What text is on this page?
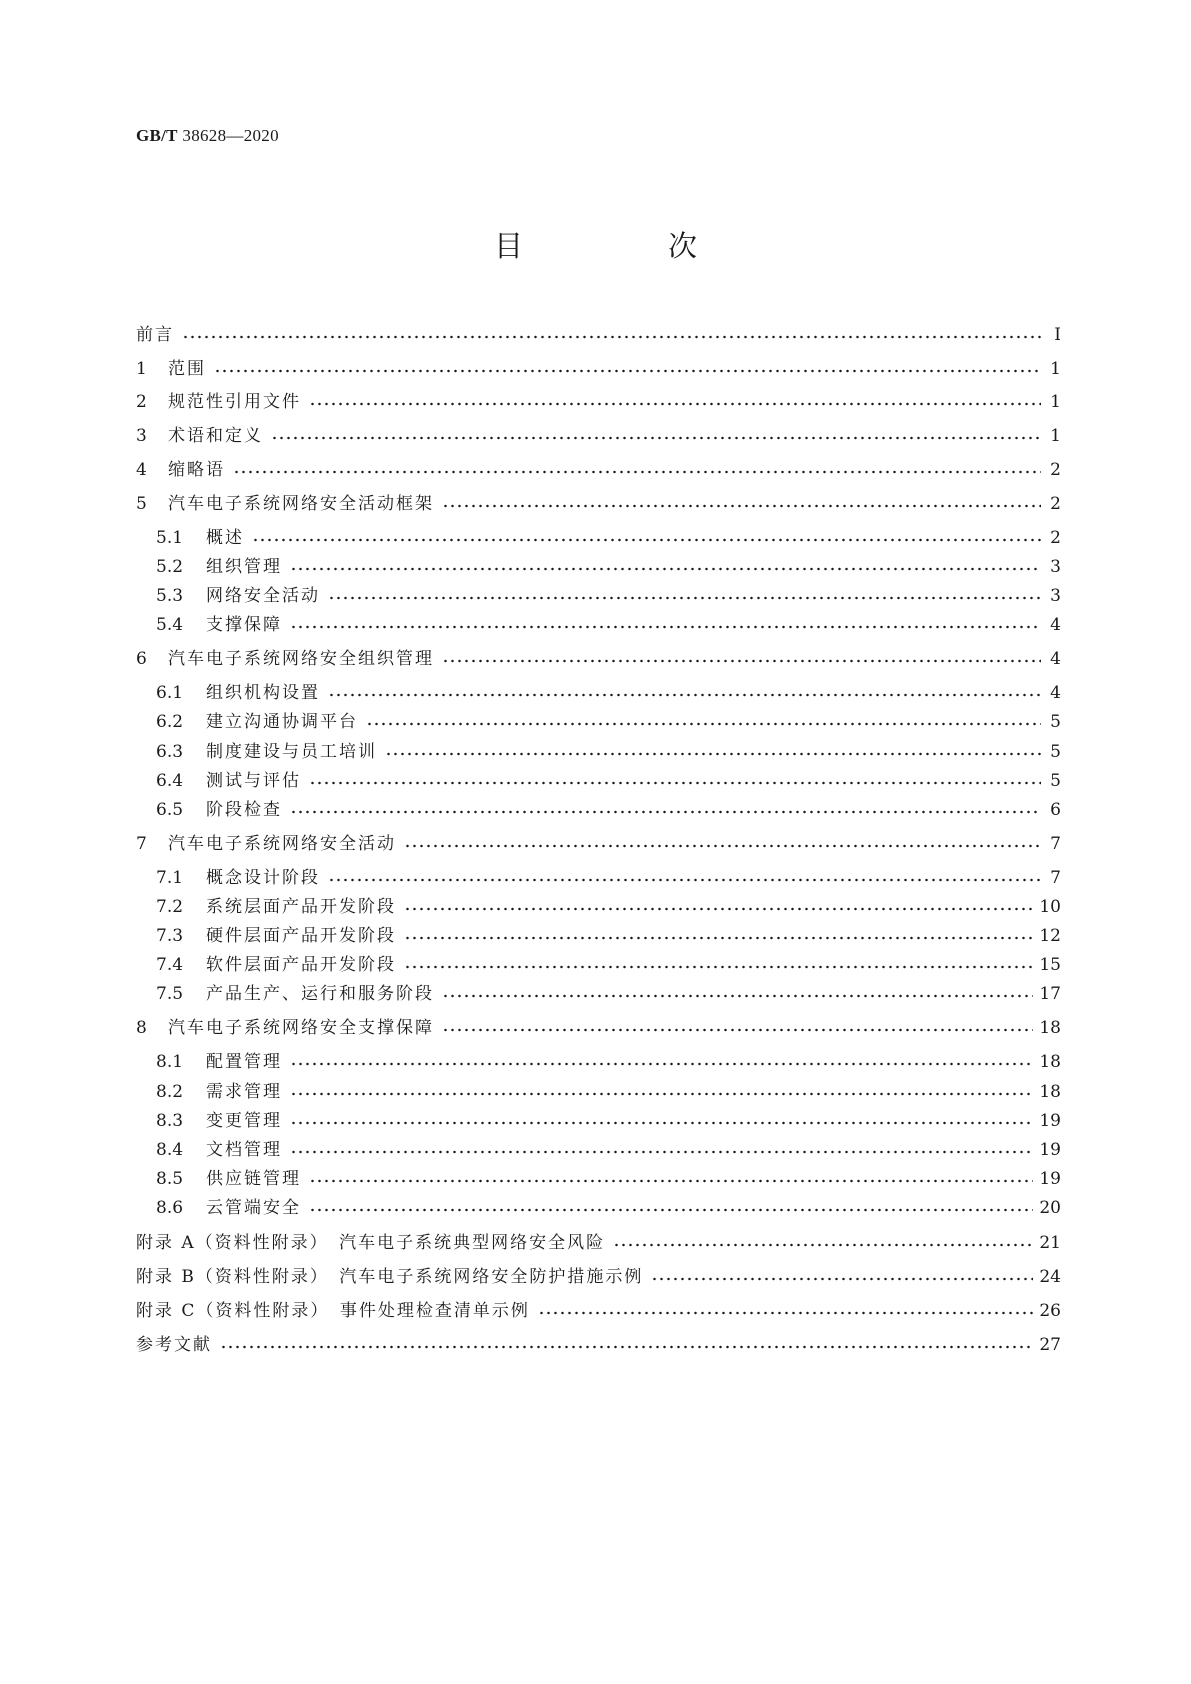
GB/T 38628—2020
目　次
前言	Ⅰ
1	范围	1
2	规范性引用文件	1
3	术语和定义	1
4	缩略语	2
5	汽车电子系统网络安全活动框架	2
5.1	概述	2
5.2	组织管理	3
5.3	网络安全活动	3
5.4	支撑保障	4
6	汽车电子系统网络安全组织管理	4
6.1	组织机构设置	4
6.2	建立沟通协调平台	5
6.3	制度建设与员工培训	5
6.4	测试与评估	5
6.5	阶段检查	6
7	汽车电子系统网络安全活动	7
7.1	概念设计阶段	7
7.2	系统层面产品开发阶段	10
7.3	硬件层面产品开发阶段	12
7.4	软件层面产品开发阶段	15
7.5	产品生产、运行和服务阶段	17
8	汽车电子系统网络安全支撑保障	18
8.1	配置管理	18
8.2	需求管理	18
8.3	变更管理	19
8.4	文档管理	19
8.5	供应链管理	19
8.6	云管端安全	20
附录 A（资料性附录）　汽车电子系统典型网络安全风险	21
附录 B（资料性附录）　汽车电子系统网络安全防护措施示例	24
附录 C（资料性附录）　事件处理检查清单示例	26
参考文献	27
